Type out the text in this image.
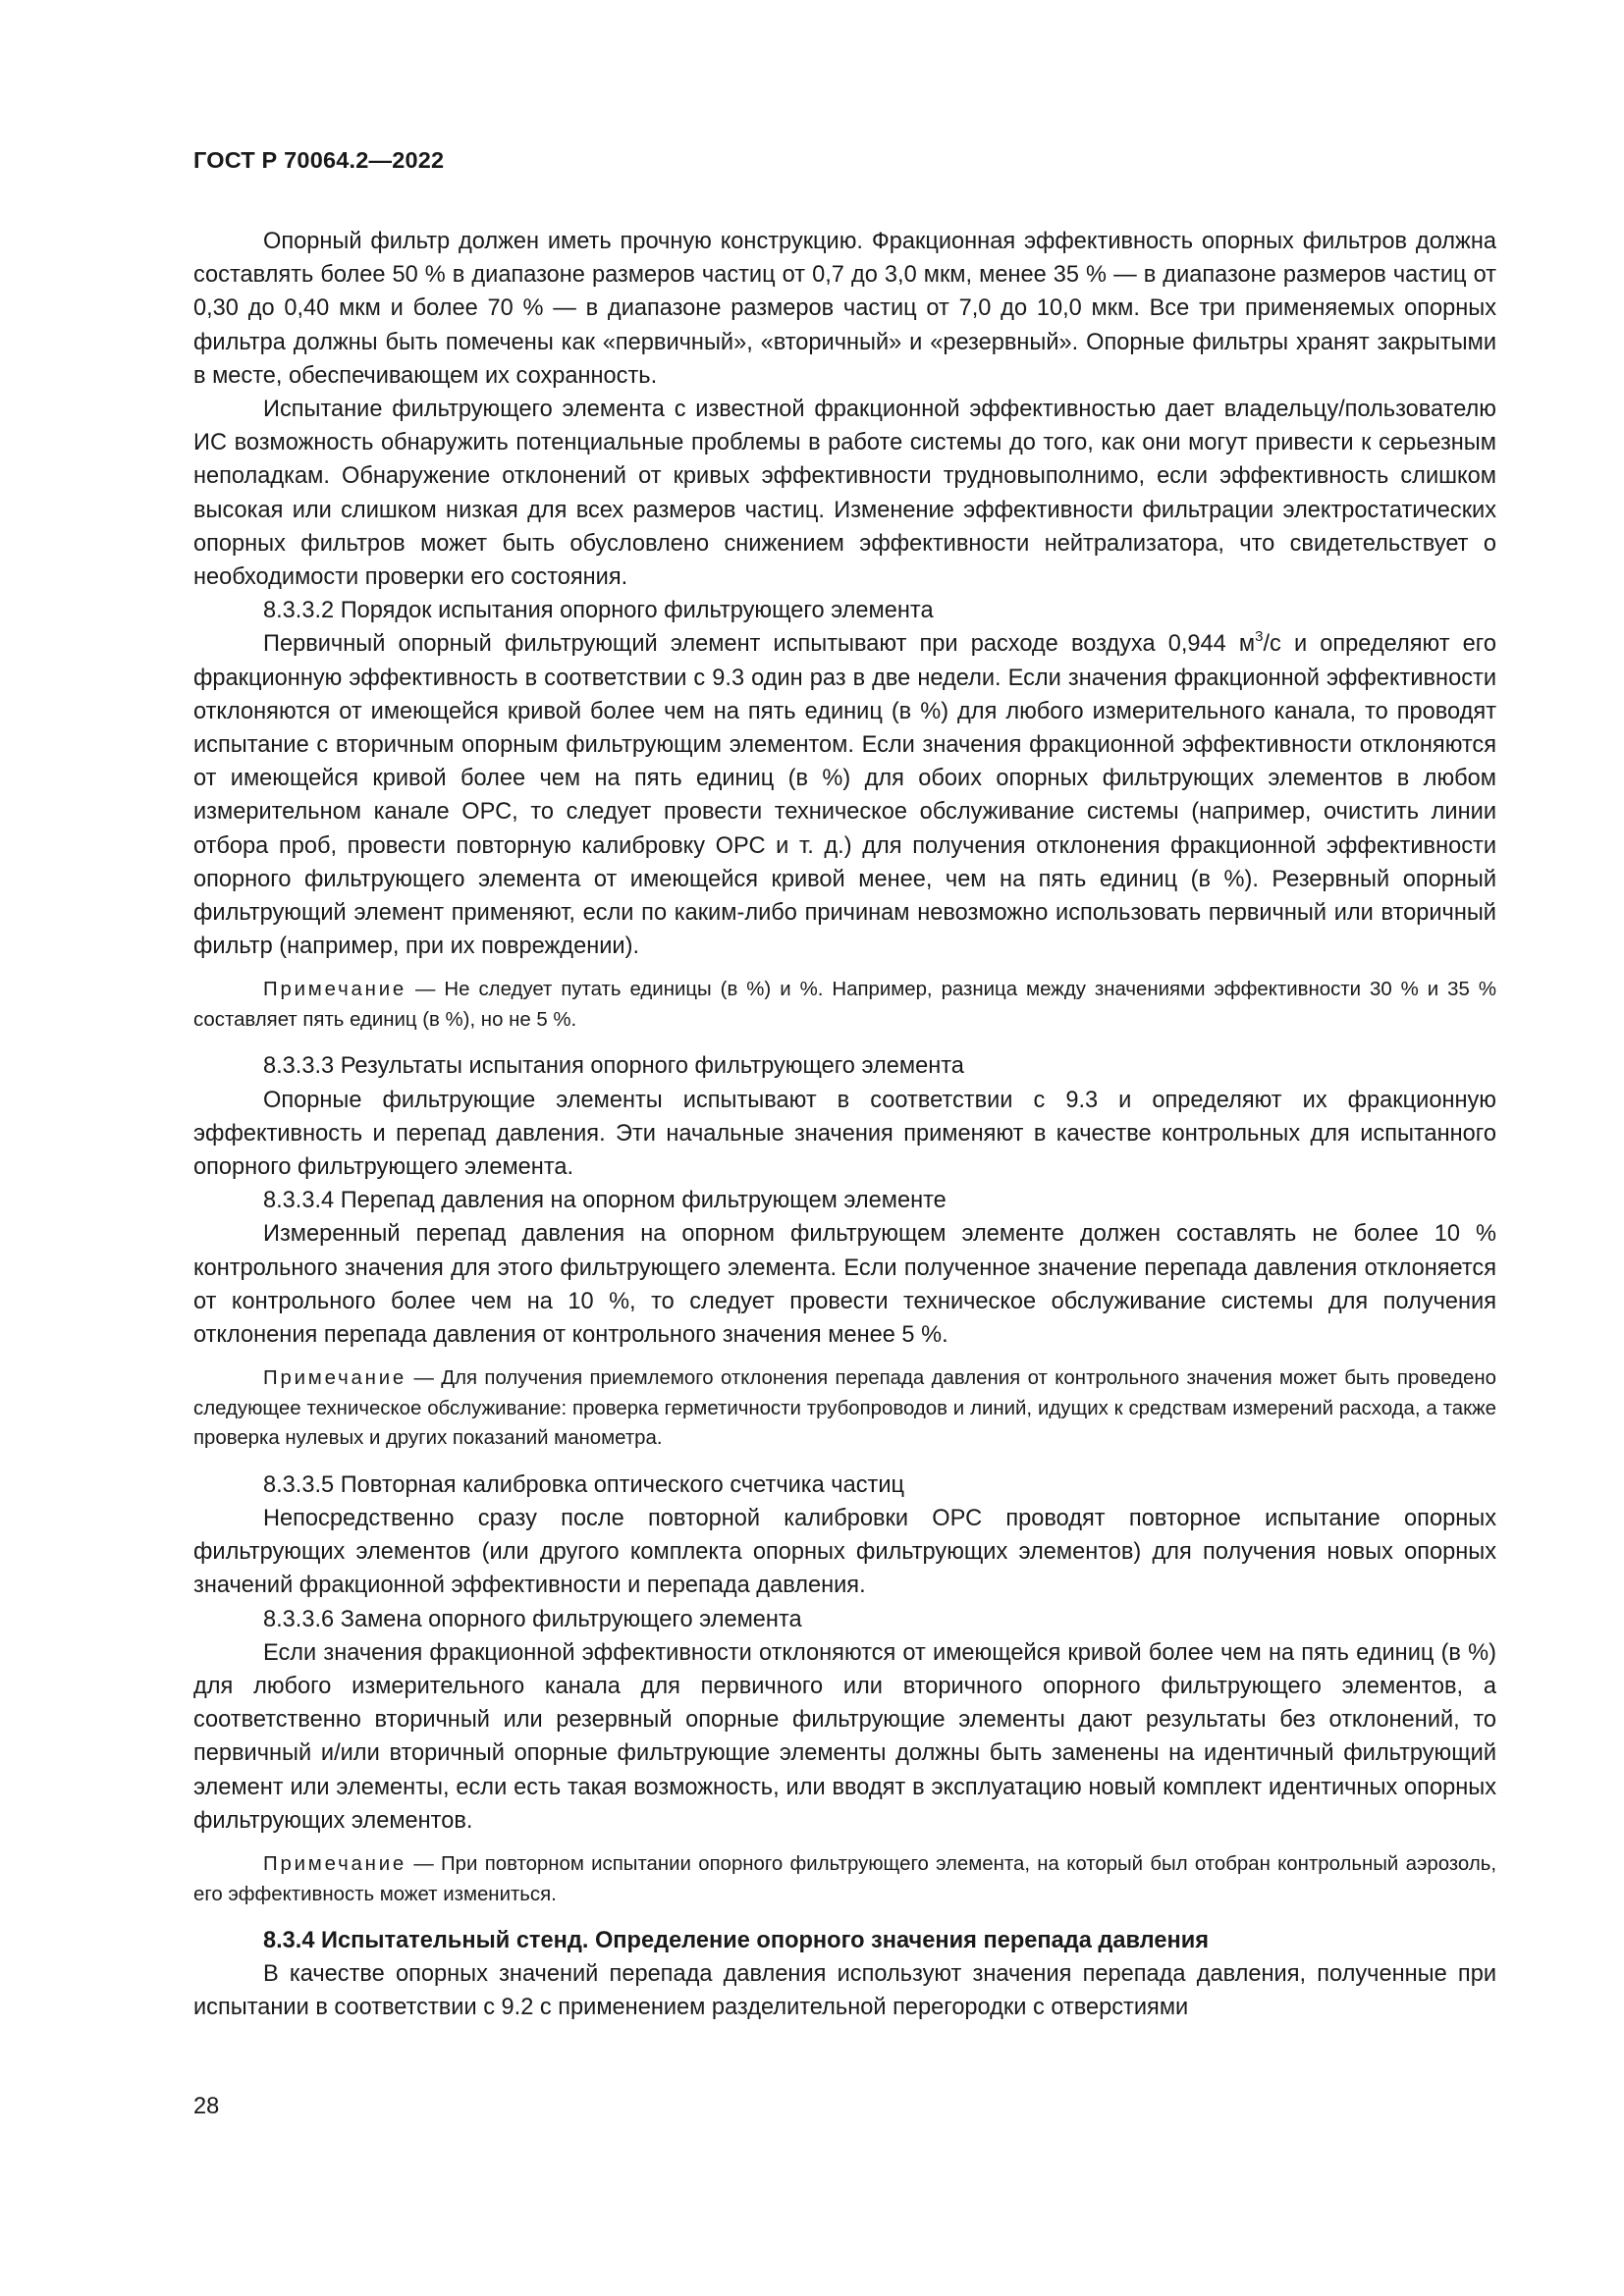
ГОСТ Р 70064.2—2022

Опорный фильтр должен иметь прочную конструкцию. Фракционная эффективность опорных фильтров должна составлять более 50 % в диапазоне размеров частиц от 0,7 до 3,0 мкм, менее 35 % — в диапазоне размеров частиц от 0,30 до 0,40 мкм и более 70 % — в диапазоне размеров частиц от 7,0 до 10,0 мкм. Все три применяемых опорных фильтра должны быть помечены как «первичный», «вторичный» и «резервный». Опорные фильтры хранят закрытыми в месте, обеспечивающем их сохранность.

Испытание фильтрующего элемента с известной фракционной эффективностью дает владельцу/пользователю ИС возможность обнаружить потенциальные проблемы в работе системы до того, как они могут привести к серьезным неполадкам. Обнаружение отклонений от кривых эффективности трудновыполнимо, если эффективность слишком высокая или слишком низкая для всех размеров частиц. Изменение эффективности фильтрации электростатических опорных фильтров может быть обусловлено снижением эффективности нейтрализатора, что свидетельствует о необходимости проверки его состояния.

8.3.3.2 Порядок испытания опорного фильтрующего элемента

Первичный опорный фильтрующий элемент испытывают при расходе воздуха 0,944 $м^3/с$ и определяют его фракционную эффективность в соответствии с 9.3 один раз в две недели. Если значения фракционной эффективности отклоняются от имеющейся кривой более чем на пять единиц (в %) для любого измерительного канала, то проводят испытание с вторичным опорным фильтрующим элементом. Если значения фракционной эффективности отклоняются от имеющейся кривой более чем на пять единиц (в %) для обоих опорных фильтрующих элементов в любом измерительном канале ОРС, то следует провести техническое обслуживание системы (например, очистить линии отбора проб, провести повторную калибровку ОРС и т. д.) для получения отклонения фракционной эффективности опорного фильтрующего элемента от имеющейся кривой менее, чем на пять единиц (в %). Резервный опорный фильтрующий элемент применяют, если по каким-либо причинам невозможно использовать первичный или вторичный фильтр (например, при их повреждении).

Примечание — Не следует путать единицы (в %) и %. Например, разница между значениями эффективности 30 % и 35 % составляет пять единиц (в %), но не 5 %.

8.3.3.3 Результаты испытания опорного фильтрующего элемента

Опорные фильтрующие элементы испытывают в соответствии с 9.3 и определяют их фракционную эффективность и перепад давления. Эти начальные значения применяют в качестве контрольных для испытанного опорного фильтрующего элемента.

8.3.3.4 Перепад давления на опорном фильтрующем элементе

Измеренный перепад давления на опорном фильтрующем элементе должен составлять не более 10 % контрольного значения для этого фильтрующего элемента. Если полученное значение перепада давления отклоняется от контрольного более чем на 10 %, то следует провести техническое обслуживание системы для получения отклонения перепада давления от контрольного значения менее 5 %.

Примечание — Для получения приемлемого отклонения перепада давления от контрольного значения может быть проведено следующее техническое обслуживание: проверка герметичности трубопроводов и линий, идущих к средствам измерений расхода, а также проверка нулевых и других показаний манометра.

8.3.3.5 Повторная калибровка оптического счетчика частиц

Непосредственно сразу после повторной калибровки ОРС проводят повторное испытание опорных фильтрующих элементов (или другого комплекта опорных фильтрующих элементов) для получения новых опорных значений фракционной эффективности и перепада давления.

8.3.3.6 Замена опорного фильтрующего элемента

Если значения фракционной эффективности отклоняются от имеющейся кривой более чем на пять единиц (в %) для любого измерительного канала для первичного или вторичного опорного фильтрующего элементов, а соответственно вторичный или резервный опорные фильтрующие элементы дают результаты без отклонений, то первичный и/или вторичный опорные фильтрующие элементы должны быть заменены на идентичный фильтрующий элемент или элементы, если есть такая возможность, или вводят в эксплуатацию новый комплект идентичных опорных фильтрующих элементов.

Примечание — При повторном испытании опорного фильтрующего элемента, на который был отобран контрольный аэрозоль, его эффективность может измениться.

8.3.4 Испытательный стенд. Определение опорного значения перепада давления

В качестве опорных значений перепада давления используют значения перепада давления, полученные при испытании в соответствии с 9.2 с применением разделительной перегородки с отверстиями

28
